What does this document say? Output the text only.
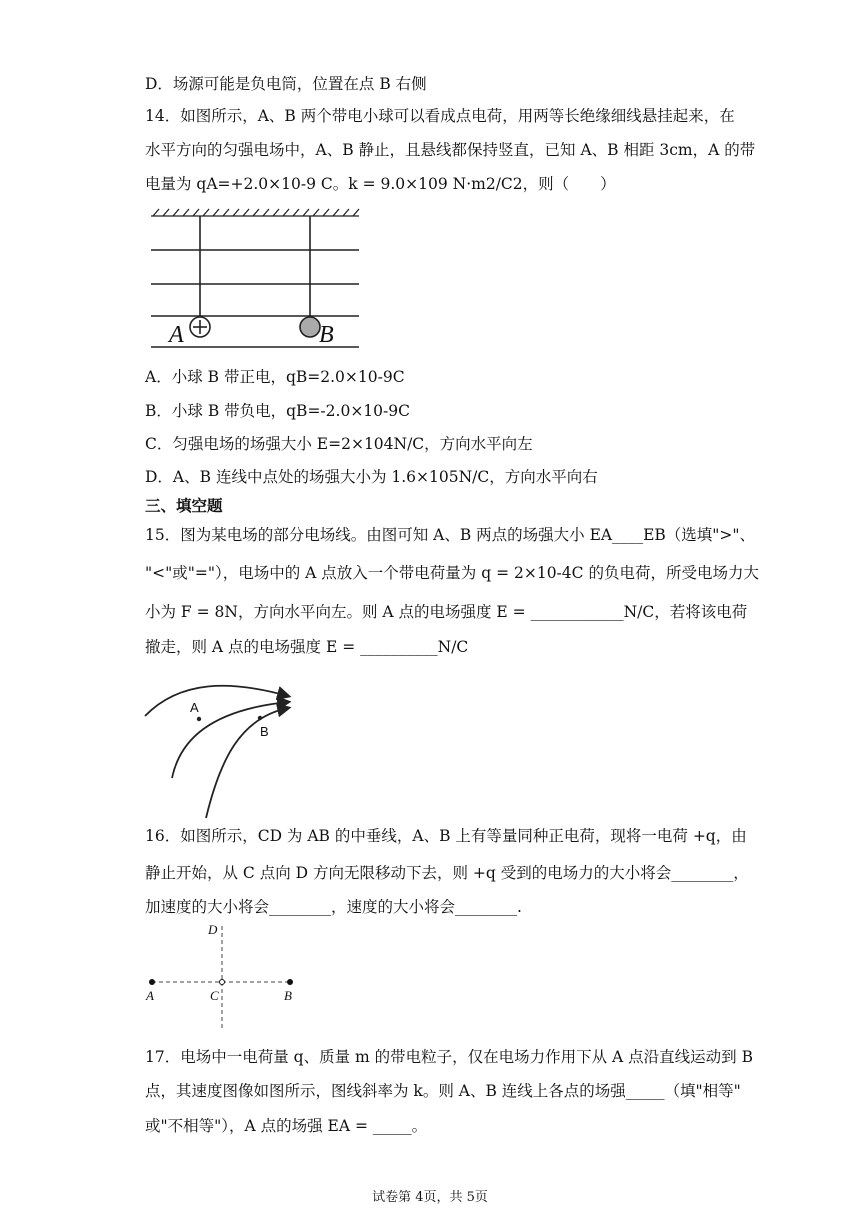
D．场源可能是负电筒，位置在点 B 右侧
14．如图所示，A、B 两个带电小球可以看成点电荷，用两等长绝缘细线悬挂起来，在
水平方向的匀强电场中，A、B 静止，且悬线都保持竖直，已知 A、B 相距 3cm，A 的带
电量为 qA=+2.0×10-9 C。k = 9.0×109 N·m2/C2，则（　　）
A	B
A．小球 B 带正电，qB=2.0×10-9C
B．小球 B 带负电，qB=-2.0×10-9C
C．匀强电场的场强大小 E=2×104N/C，方向水平向左
D．A、B 连线中点处的场强大小为 1.6×105N/C，方向水平向右
三、填空题
15．图为某电场的部分电场线。由图可知 A、B 两点的场强大小 EA____EB（选填">"、
"<"或"="），电场中的 A 点放入一个带电荷量为 q = 2×10-4C 的负电荷，所受电场力大
小为 F = 8N，方向水平向左。则 A 点的电场强度 E = ____________N/C，若将该电荷
撤走，则 A 点的电场强度 E = __________N/C
A
B
16．如图所示，CD 为 AB 的中垂线，A、B 上有等量同种正电荷，现将一电荷 +q，由
静止开始，从 C 点向 D 方向无限移动下去，则 +q 受到的电场力的大小将会________，
加速度的大小将会________，速度的大小将会________.
D
A	C	B
17．电场中一电荷量 q、质量 m 的带电粒子，仅在电场力作用下从 A 点沿直线运动到 B
点，其速度图像如图所示，图线斜率为 k。则 A、B 连线上各点的场强_____（填"相等"
或"不相等"），A 点的场强 EA = _____。
试卷第 4页，共 5页
